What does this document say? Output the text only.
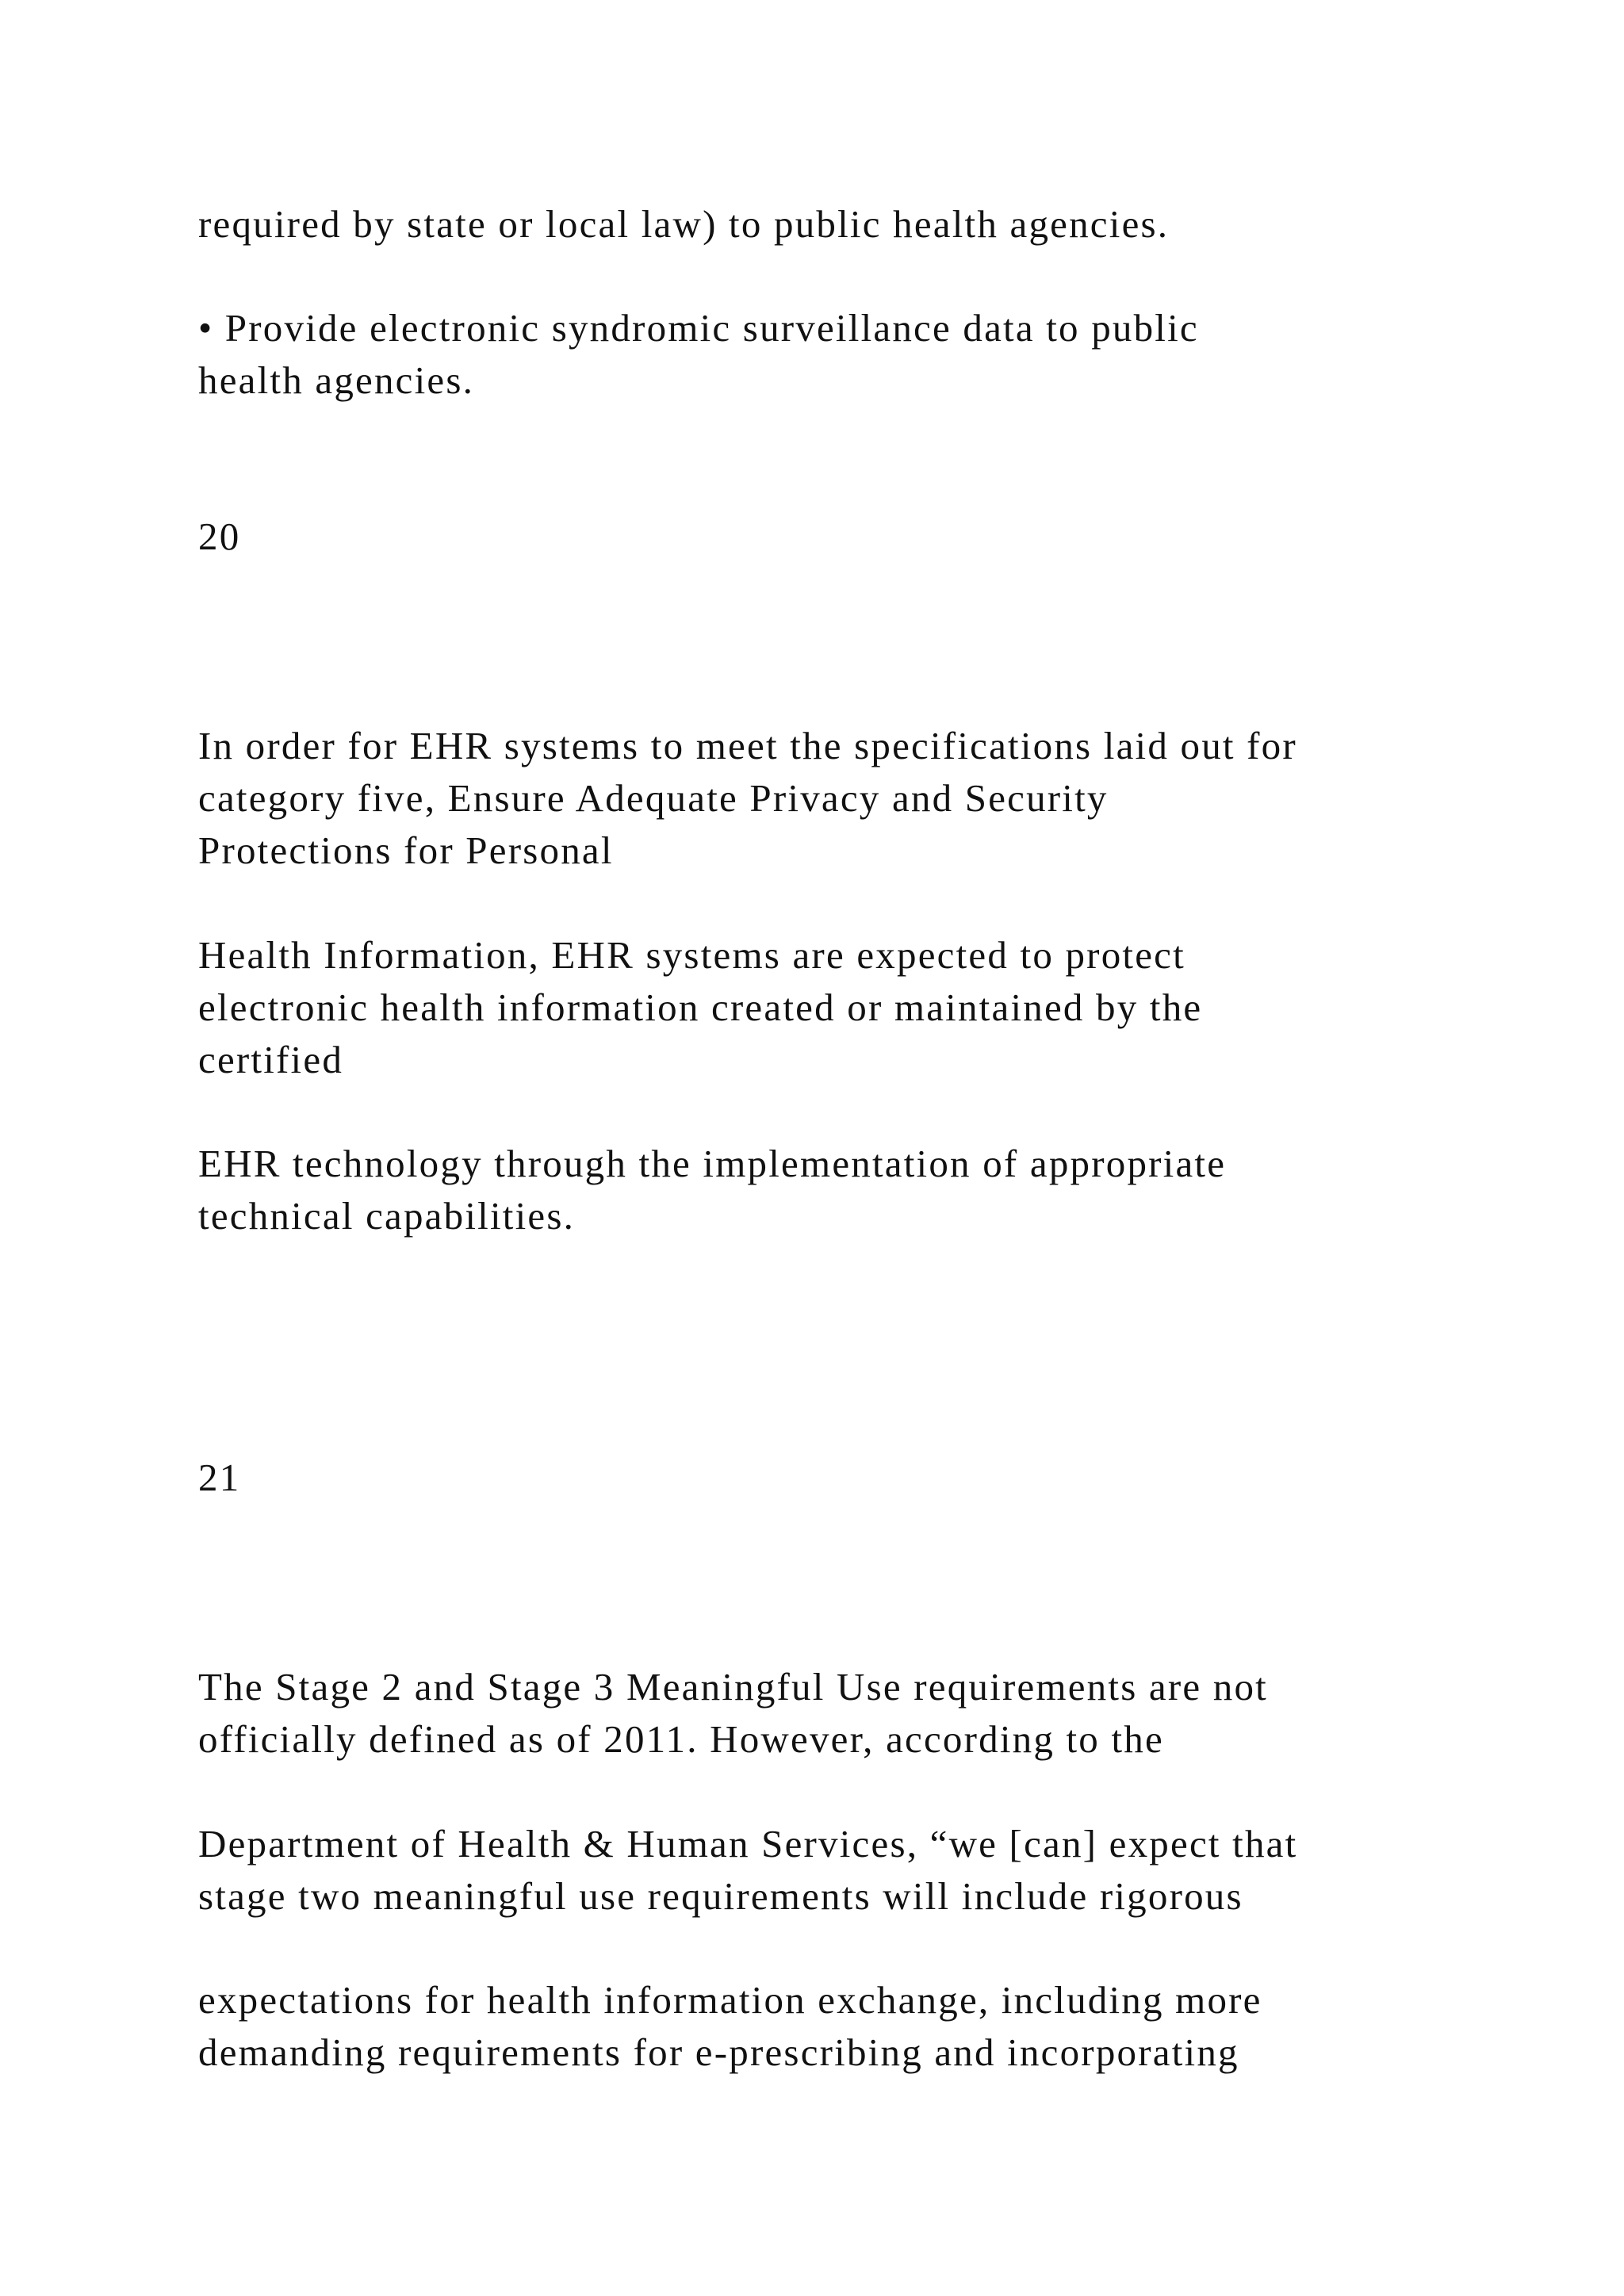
required by state or local law) to public health agencies.

• Provide electronic syndromic surveillance data to public

health agencies.

20

In order for EHR systems to meet the specifications laid out for

category five, Ensure Adequate Privacy and Security

Protections for Personal

Health Information, EHR systems are expected to protect

electronic health information created or maintained by the

certified

EHR technology through the implementation of appropriate

technical capabilities.

21

The Stage 2 and Stage 3 Meaningful Use requirements are not

officially defined as of 2011. However, according to the

Department of Health & Human Services, “we [can] expect that

stage two meaningful use requirements will include rigorous

expectations for health information exchange, including more

demanding requirements for e-prescribing and incorporating
